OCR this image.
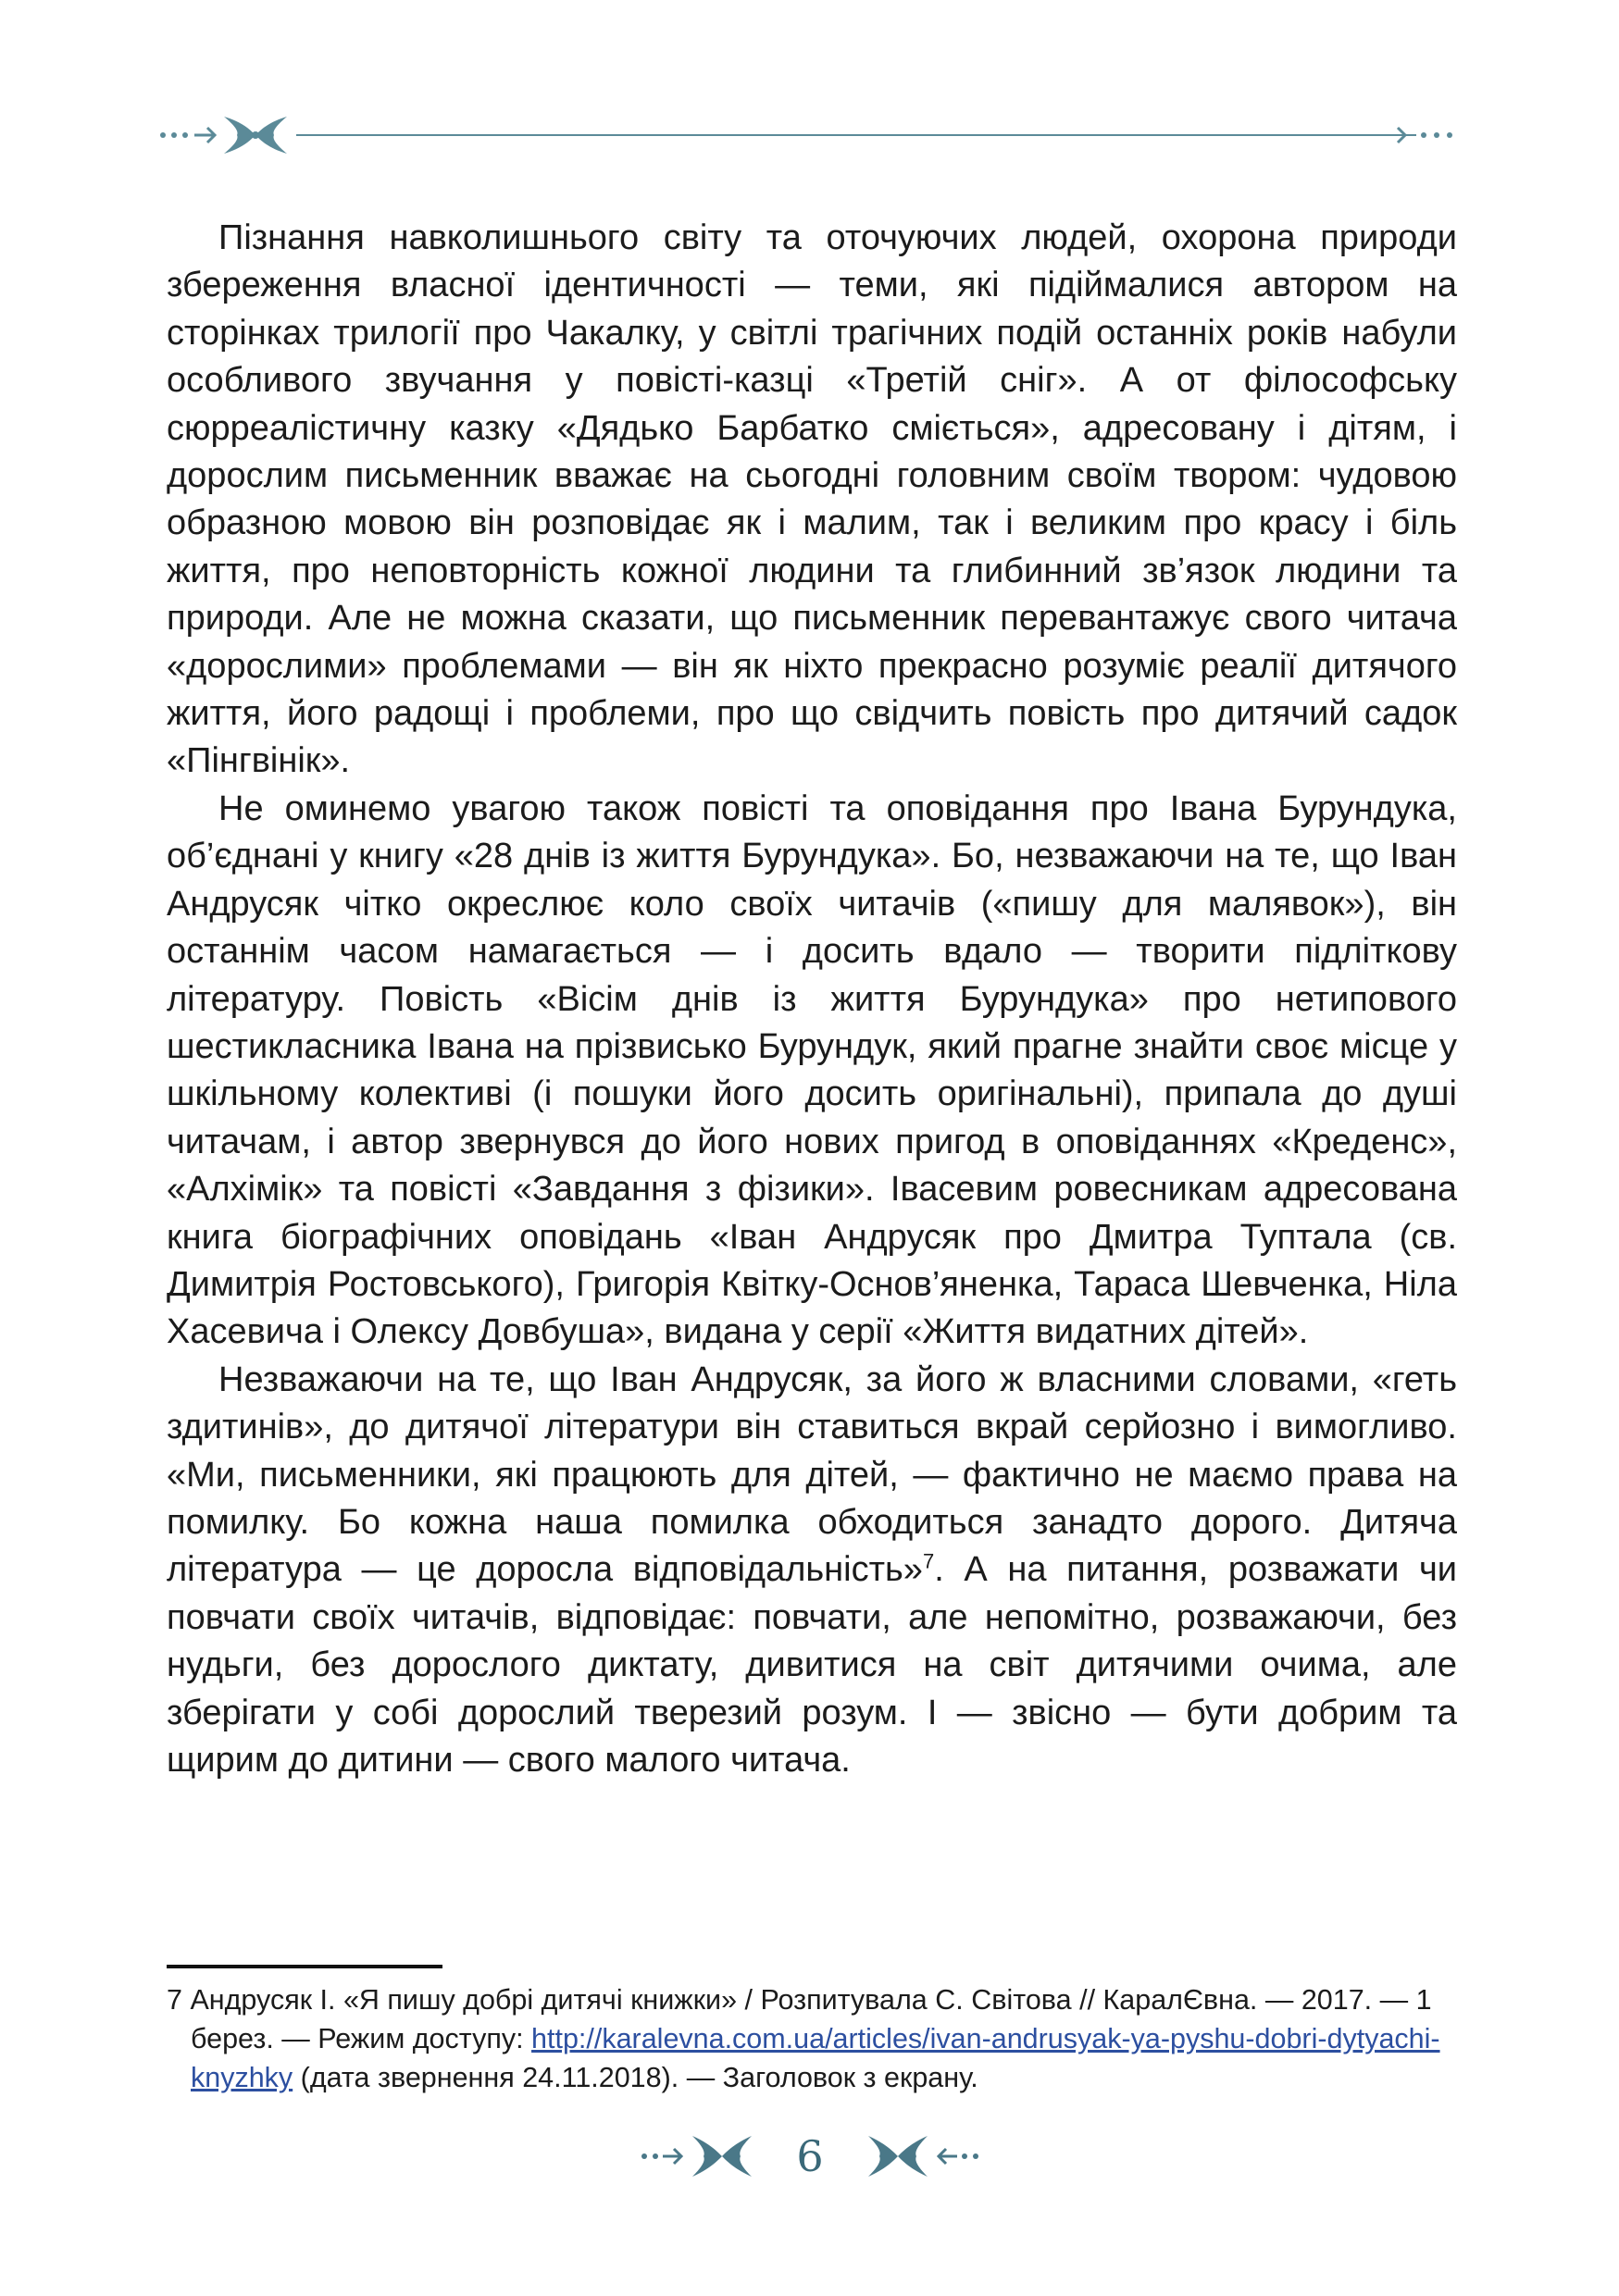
Пізнання навколишнього світу та оточуючих людей, охорона природи збереження власної ідентичності — теми, які підіймалися автором на сторінках трилогії про Чакалку, у світлі трагічних подій останніх років набули особливого звучання у повісті-казці «Третій сніг». А от філософську сюрреалістичну казку «Дядько Барбатко сміється», адресовану і дітям, і дорослим письменник вважає на сьогодні головним своїм твором: чудовою образною мовою він розповідає як і малим, так і великим про красу і біль життя, про неповторність кожної людини та глибинний зв’язок людини та природи. Але не можна сказати, що письменник перевантажує свого читача «дорослими» проблемами — він як ніхто прекрасно розуміє реалії дитячого життя, його радощі і проблеми, про що свідчить повість про дитячий садок «Пінгвінік».

Не оминемо увагою також повісті та оповідання про Івана Бурундука, об’єднані у книгу «28 днів із життя Бурундука». Бо, незважаючи на те, що Іван Андрусяк чітко окреслює коло своїх читачів («пишу для малявок»), він останнім часом намагається — і досить вдало — творити підліткову літературу. Повість «Вісім днів із життя Бурундука» про нетипового шестикласника Івана на прізвисько Бурундук, який прагне знайти своє місце у шкільному колективі (і пошуки його досить оригінальні), припала до душі читачам, і автор звернувся до його нових пригод в оповіданнях «Креденс», «Алхімік» та повісті «Завдання з фізики». Івасевим ровесникам адресована книга біографічних оповідань «Іван Андрусяк про Дмитра Туптала (св. Димитрія Ростовського), Григорія Квітку-Основ’яненка, Тараса Шевченка, Ніла Хасевича і Олексу Довбуша», видана у серії «Життя видатних дітей».

Незважаючи на те, що Іван Андрусяк, за його ж власними словами, «геть здитинів», до дитячої літератури він ставиться вкрай серйозно і вимогливо. «Ми, письменники, які працюють для дітей, — фактично не маємо права на помилку. Бо кожна наша помилка обходиться занадто дорого. Дитяча література — це доросла відповідальність»$^7$. А на питання, розважати чи повчати своїх читачів, відповідає: повчати, але непомітно, розважаючи, без нудьги, без дорослого диктату, дивитися на світ дитячими очима, але зберігати у собі дорослий тверезий розум. І — звісно — бути добрим та щирим до дитини — свого малого читача.

7 Андрусяк І. «Я пишу добрі дитячі книжки» / Розпитувала С. Світова // КаралЄвна. — 2017. — 1 берез. — Режим доступу: http://karalevna.com.ua/articles/ivan-andrusyak-ya-pyshu-dobri-dytyachi-knyzhky (дата звернення 24.11.2018). — Заголовок з екрану.
6
